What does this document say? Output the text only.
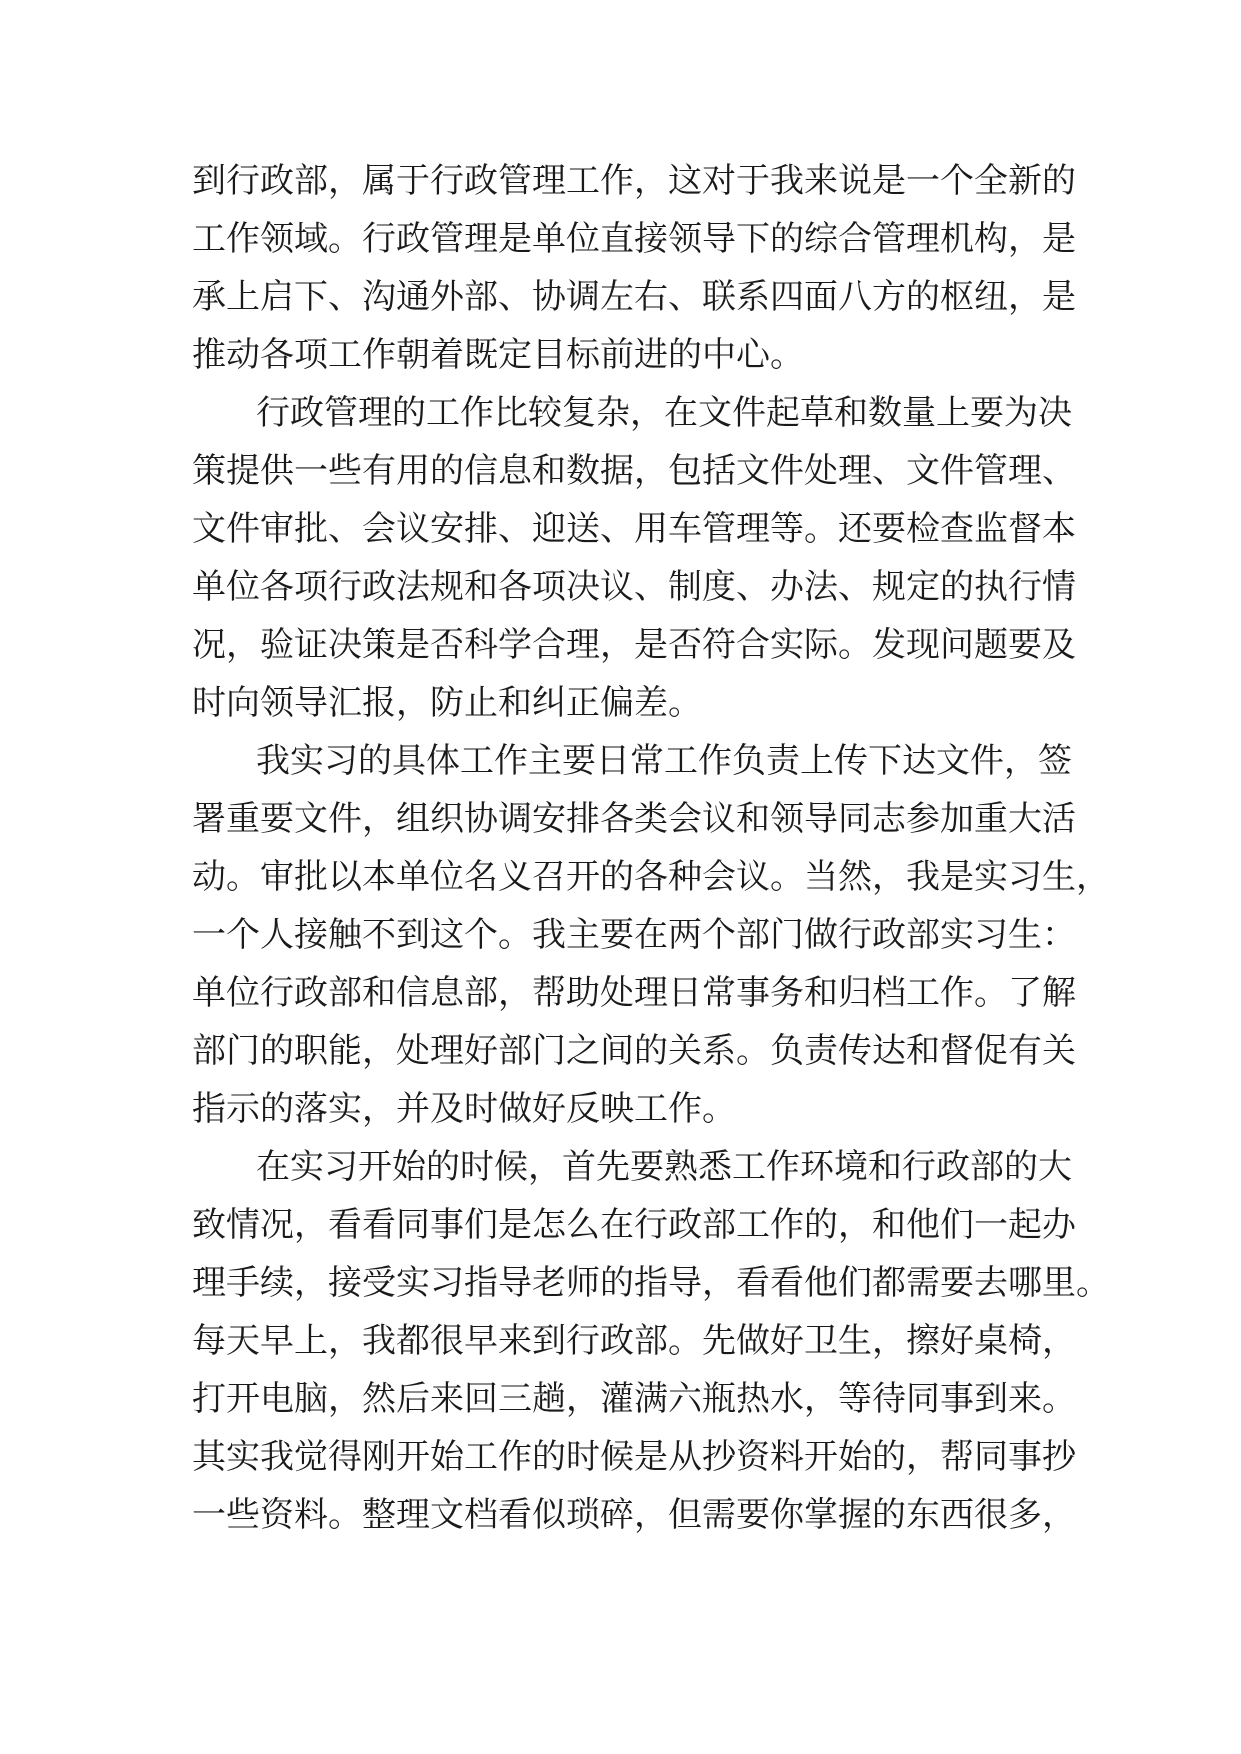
到行政部，属于行政管理工作，这对于我来说是一个全新的
工作领域。行政管理是单位直接领导下的综合管理机构，是
承上启下、沟通外部、协调左右、联系四面八方的枢纽，是
推动各项工作朝着既定目标前进的中心。
行政管理的工作比较复杂，在文件起草和数量上要为决
策提供一些有用的信息和数据，包括文件处理、文件管理、
文件审批、会议安排、迎送、用车管理等。还要检查监督本
单位各项行政法规和各项决议、制度、办法、规定的执行情
况，验证决策是否科学合理，是否符合实际。发现问题要及
时向领导汇报，防止和纠正偏差。
我实习的具体工作主要日常工作负责上传下达文件，签
署重要文件，组织协调安排各类会议和领导同志参加重大活
动。审批以本单位名义召开的各种会议。当然，我是实习生，
一个人接触不到这个。我主要在两个部门做行政部实习生：
单位行政部和信息部，帮助处理日常事务和归档工作。了解
部门的职能，处理好部门之间的关系。负责传达和督促有关
指示的落实，并及时做好反映工作。
在实习开始的时候，首先要熟悉工作环境和行政部的大
致情况，看看同事们是怎么在行政部工作的，和他们一起办
理手续，接受实习指导老师的指导，看看他们都需要去哪里。
每天早上，我都很早来到行政部。先做好卫生，擦好桌椅，
打开电脑，然后来回三趟，灌满六瓶热水，等待同事到来。
其实我觉得刚开始工作的时候是从抄资料开始的，帮同事抄
一些资料。整理文档看似琐碎，但需要你掌握的东西很多，
